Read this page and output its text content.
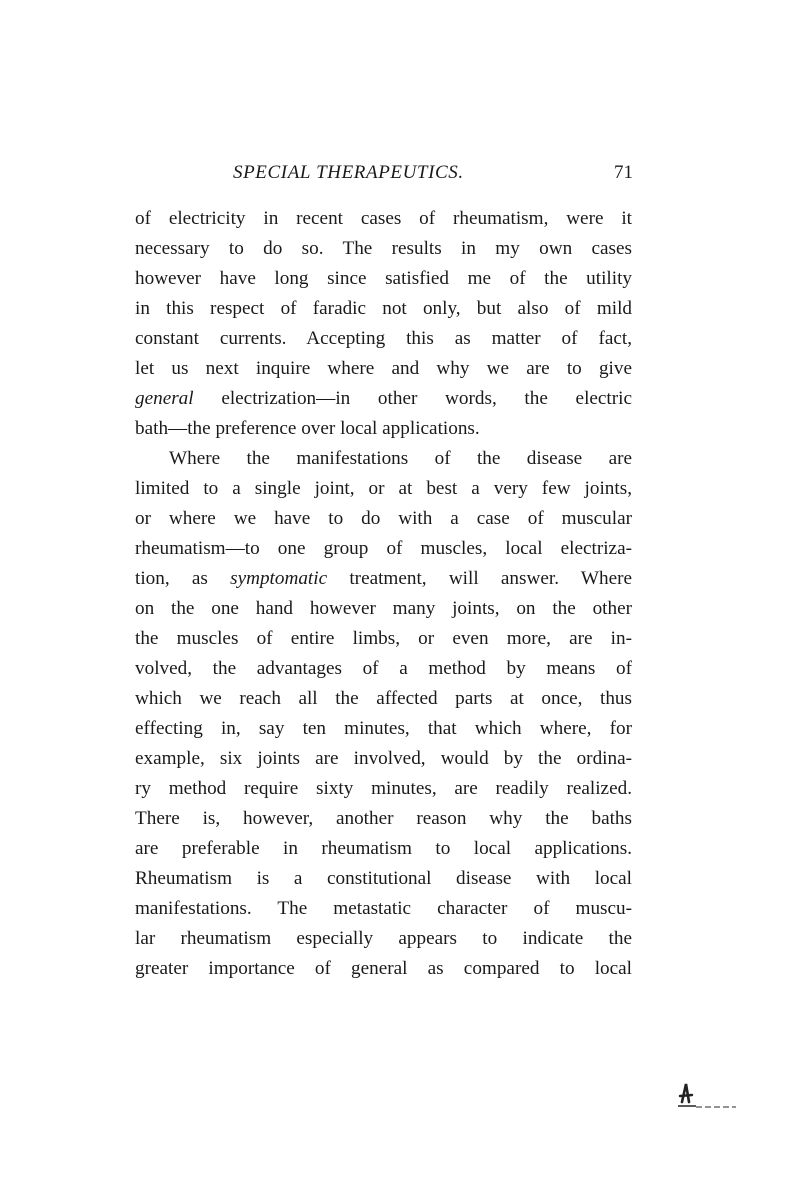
SPECIAL THERAPEUTICS.	71
of electricity in recent cases of rheumatism, were it
necessary to do so. The results in my own cases
however have long since satisfied me of the utility
in this respect of faradic not only, but also of mild
constant currents. Accepting this as matter of fact,
let us next inquire where and why we are to give
general electrization—in other words, the electric
bath—the preference over local applications.
Where the manifestations of the disease are
limited to a single joint, or at best a very few joints,
or where we have to do with a case of muscular
rheumatism—to one group of muscles, local electriza-
tion, as symptomatic treatment, will answer. Where
on the one hand however many joints, on the other
the muscles of entire limbs, or even more, are in-
volved, the advantages of a method by means of
which we reach all the affected parts at once, thus
effecting in, say ten minutes, that which where, for
example, six joints are involved, would by the ordina-
ry method require sixty minutes, are readily realized.
There is, however, another reason why the baths
are preferable in rheumatism to local applications.
Rheumatism is a constitutional disease with local
manifestations. The metastatic character of muscu-
lar rheumatism especially appears to indicate the
greater importance of general as compared to local
